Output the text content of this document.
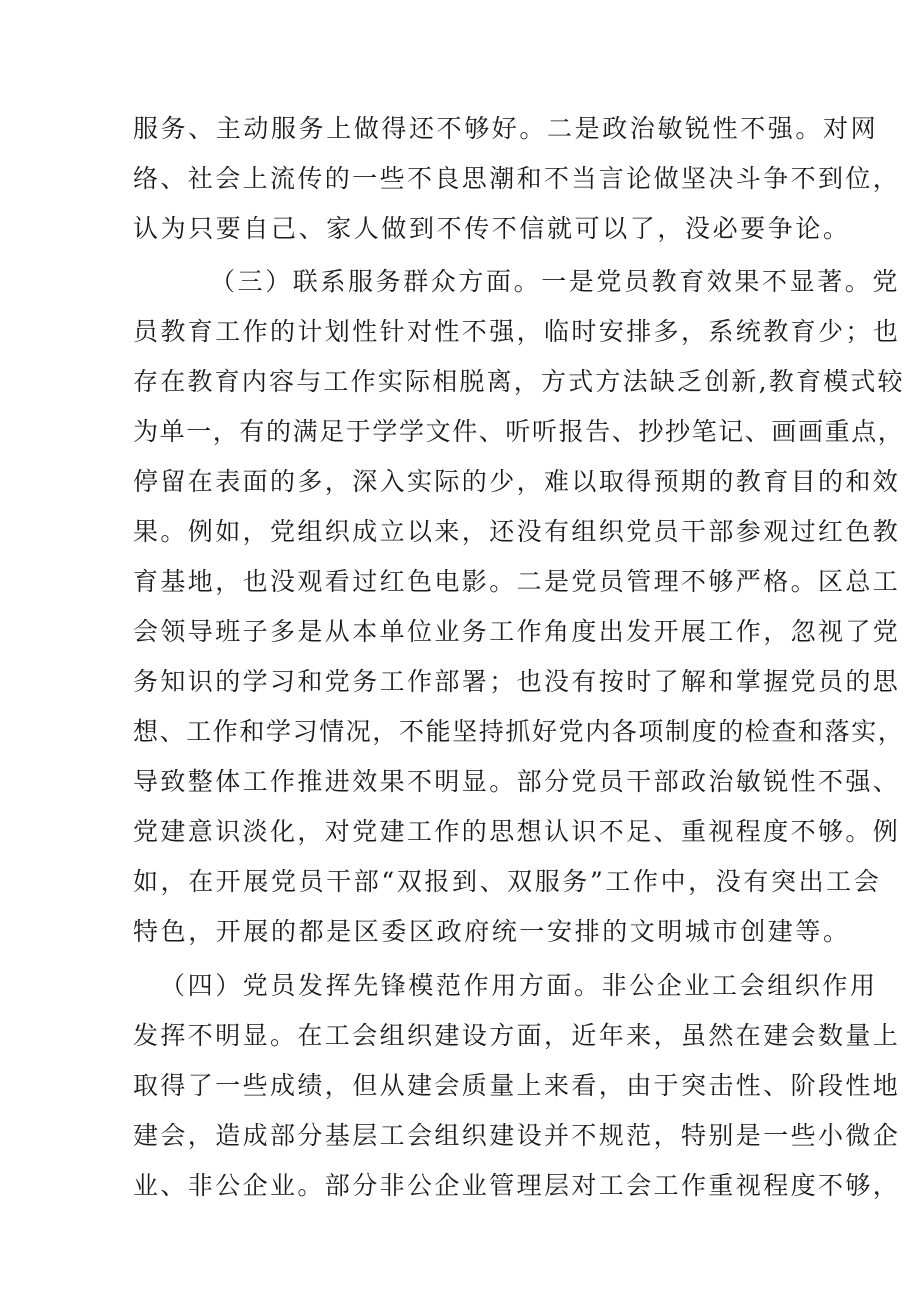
服务、主动服务上做得还不够好。二是政治敏锐性不强。对网
络、社会上流传的一些不良思潮和不当言论做坚决斗争不到位，
认为只要自己、家人做到不传不信就可以了，没必要争论。
（三）联系服务群众方面。一是党员教育效果不显著。党
员教育工作的计划性针对性不强，临时安排多，系统教育少；也
存在教育内容与工作实际相脱离，方式方法缺乏创新,教育模式较
为单一，有的满足于学学文件、听听报告、抄抄笔记、画画重点，
停留在表面的多，深入实际的少，难以取得预期的教育目的和效
果。例如，党组织成立以来，还没有组织党员干部参观过红色教
育基地，也没观看过红色电影。二是党员管理不够严格。区总工
会领导班子多是从本单位业务工作角度出发开展工作，忽视了党
务知识的学习和党务工作部署；也没有按时了解和掌握党员的思
想、工作和学习情况，不能坚持抓好党内各项制度的检查和落实，
导致整体工作推进效果不明显。部分党员干部政治敏锐性不强、
党建意识淡化，对党建工作的思想认识不足、重视程度不够。例
如，在开展党员干部“双报到、双服务”工作中，没有突出工会
特色，开展的都是区委区政府统一安排的文明城市创建等。
（四）党员发挥先锋模范作用方面。非公企业工会组织作用
发挥不明显。在工会组织建设方面，近年来，虽然在建会数量上
取得了一些成绩，但从建会质量上来看，由于突击性、阶段性地
建会，造成部分基层工会组织建设并不规范，特别是一些小微企
业、非公企业。部分非公企业管理层对工会工作重视程度不够，
